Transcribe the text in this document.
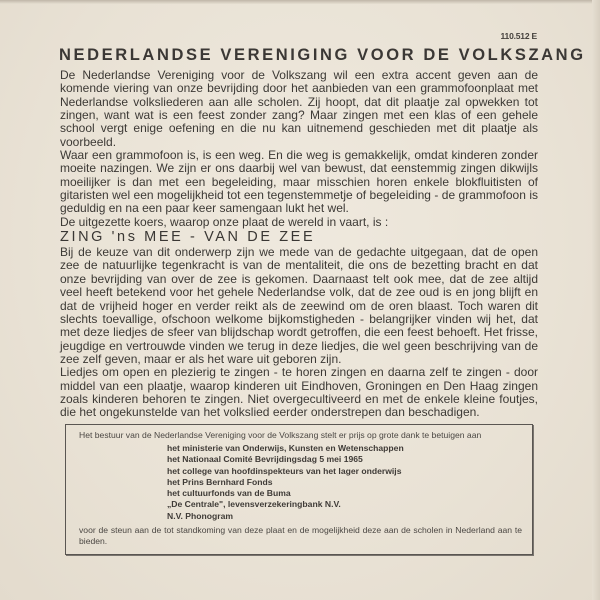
110.512 E
NEDERLANDSE VERENIGING VOOR DE VOLKSZANG

De Nederlandse Vereniging voor de Volkszang wil een extra accent geven aan de komende viering van onze bevrijding door het aanbieden van een grammofoonplaat met Nederlandse volksliederen aan alle scholen. Zij hoopt, dat dit plaatje zal opwekken tot zingen, want wat is een feest zonder zang? Maar zingen met een klas of een gehele school vergt enige oefening en die nu kan uitnemend geschieden met dit plaatje als voorbeeld.

Waar een grammofoon is, is een weg. En die weg is gemakkelijk, omdat kinderen zonder moeite nazingen. We zijn er ons daarbij wel van bewust, dat eenstemmig zingen dikwijls moeilijker is dan met een begeleiding, maar misschien horen enkele blokfluitisten of gitaristen wel een mogelijkheid tot een tegenstemmetje of begeleiding - de grammofoon is geduldig en na een paar keer samengaan lukt het wel.

De uitgezette koers, waarop onze plaat de wereld in vaart, is :

ZING 'ns MEE - VAN DE ZEE

Bij de keuze van dit onderwerp zijn we mede van de gedachte uitgegaan, dat de open zee de natuurlijke tegenkracht is van de mentaliteit, die ons de bezetting bracht en dat onze bevrijding van over de zee is gekomen. Daarnaast telt ook mee, dat de zee altijd veel heeft betekend voor het gehele Nederlandse volk, dat de zee oud is en jong blijft en dat de vrijheid hoger en verder reikt als de zeewind om de oren blaast. Toch waren dit slechts toevallige, ofschoon welkome bijkomstigheden - belangrijker vinden wij het, dat met deze liedjes de sfeer van blijdschap wordt getroffen, die een feest behoeft. Het frisse, jeugdige en vertrouwde vinden we terug in deze liedjes, die wel geen beschrijving van de zee zelf geven, maar er als het ware uit geboren zijn.

Liedjes om open en plezierig te zingen - te horen zingen en daarna zelf te zingen - door middel van een plaatje, waarop kinderen uit Eindhoven, Groningen en Den Haag zingen zoals kinderen behoren te zingen. Niet overgecultiveerd en met de enkele kleine foutjes, die het ongekunstelde van het volkslied eerder onderstrepen dan beschadigen.

Het bestuur van de Nederlandse Vereniging voor de Volkszang stelt er prijs op grote dank te betuigen aan

het ministerie van Onderwijs, Kunsten en Wetenschappen
het Nationaal Comité Bevrijdingsdag 5 mei 1965
het college van hoofdinspekteurs van het lager onderwijs
het Prins Bernhard Fonds
het cultuurfonds van de Buma
„De Centrale", levensverzekeringbank N.V.
N.V. Phonogram

voor de steun aan de tot standkoming van deze plaat en de mogelijkheid deze aan de scholen in Nederland aan te bieden.
